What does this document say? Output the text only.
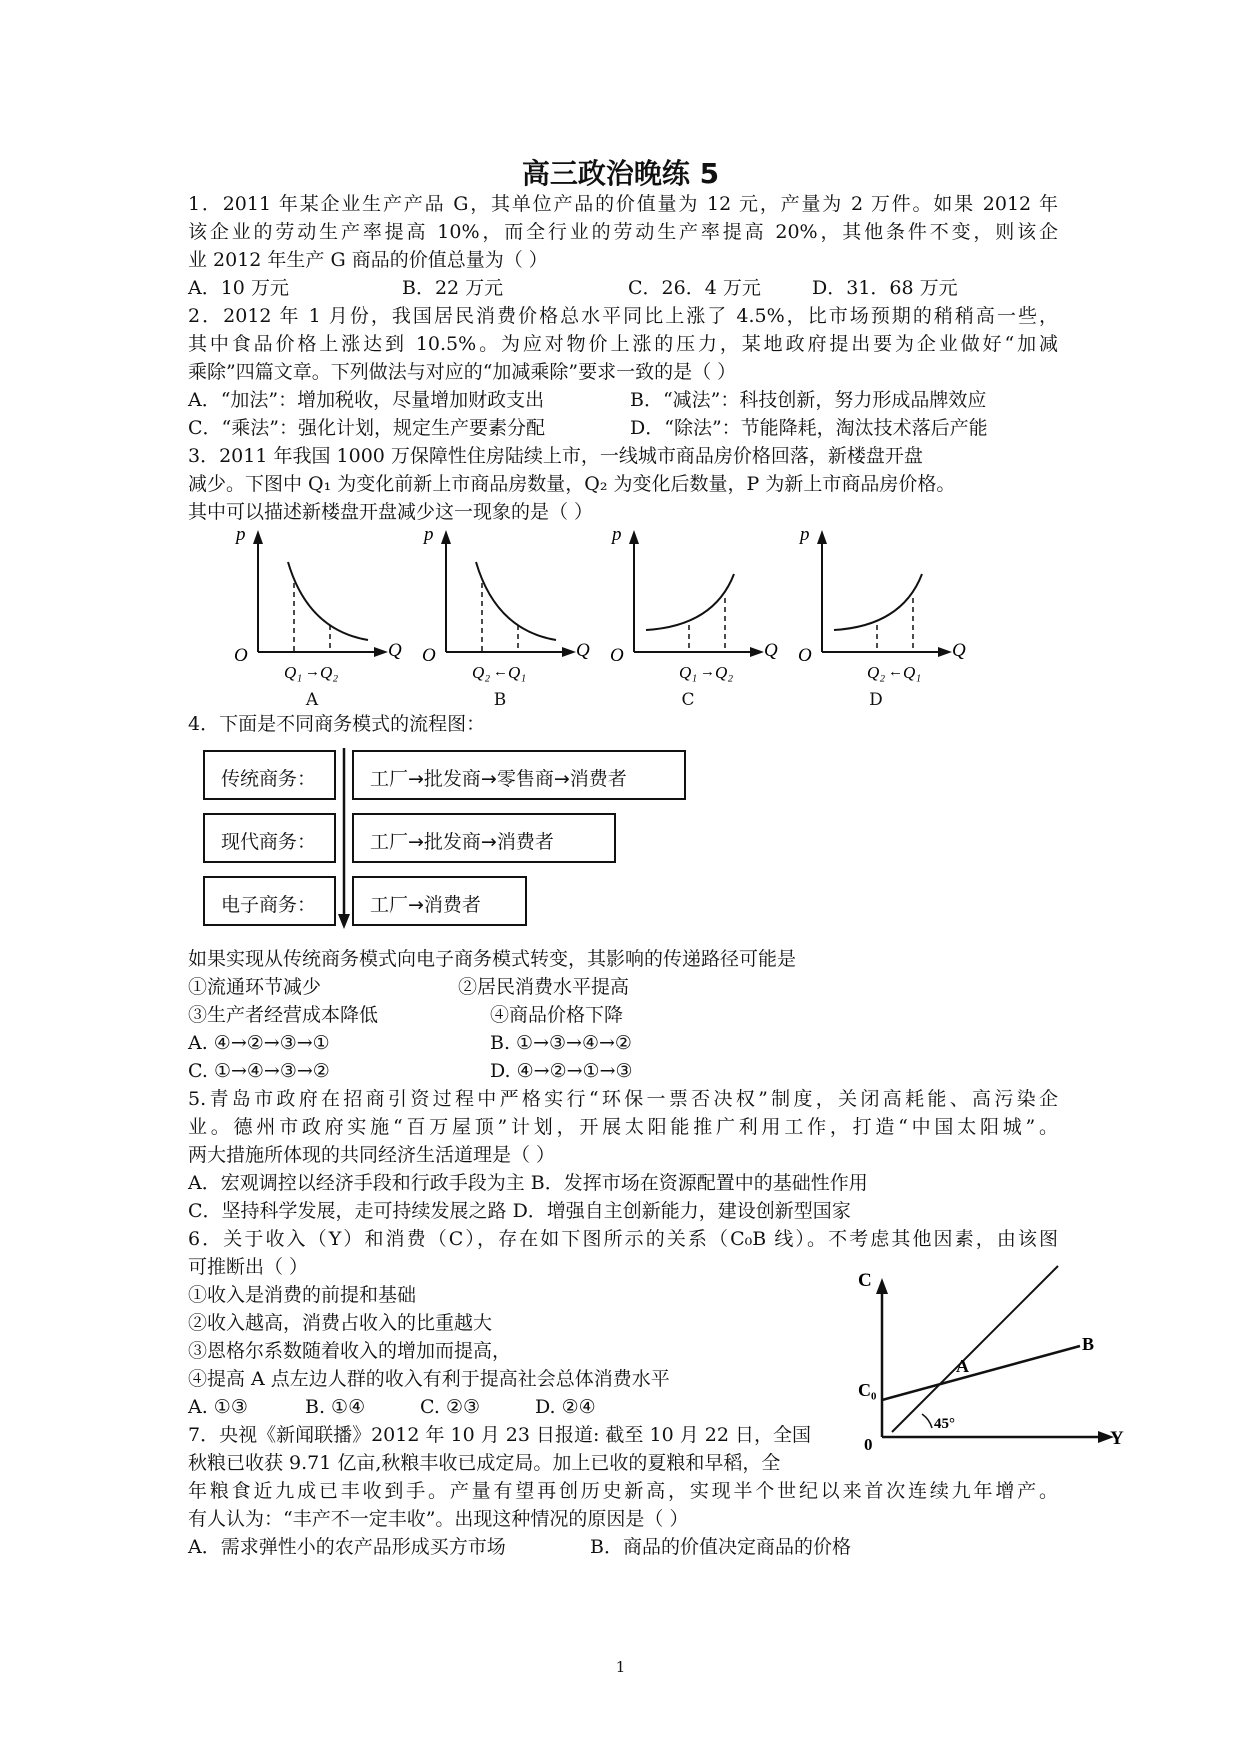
高三政治晚练 5
1．2011 年某企业生产产品 G，其单位产品的价值量为 12 元，产量为 2 万件。如果 2012 年
该企业的劳动生产率提高 10%，而全行业的劳动生产率提高 20%，其他条件不变，则该企
业 2012 年生产 G 商品的价值总量为（ ）
A．10 万元	B．22 万元	C．26．4 万元	D．31．68 万元
2．2012 年 1 月份，我国居民消费价格总水平同比上涨了 4.5%，比市场预期的稍稍高一些，
其中食品价格上涨达到 10.5%。为应对物价上涨的压力，某地政府提出要为企业做好“加减
乘除”四篇文章。下列做法与对应的“加减乘除”要求一致的是（ ）
A．“加法”：增加税收，尽量增加财政支出	B．“减法”：科技创新，努力形成品牌效应
C．“乘法”：强化计划，规定生产要素分配	D．“除法”：节能降耗，淘汰技术落后产能
3．2011 年我国 1000 万保障性住房陆续上市，一线城市商品房价格回落，新楼盘开盘
减少。下图中 Q₁ 为变化前新上市商品房数量，Q₂ 为变化后数量，P 为新上市商品房价格。
其中可以描述新楼盘开盘减少这一现象的是（ ）
p
Q
O
Q₁ → Q₂
A
p
Q
O
Q₂ ← Q₁
B
p
Q
O
Q₁ → Q₂
C
p
Q
O
Q₂ ← Q₁
D
4．下面是不同商务模式的流程图：
传统商务：	工厂→批发商→零售商→消费者
现代商务：	工厂→批发商→消费者
电子商务：	工厂→消费者
如果实现从传统商务模式向电子商务模式转变，其影响的传递路径可能是
①流通环节减少	②居民消费水平提高
③生产者经营成本降低	④商品价格下降
A. ④→②→③→①	B. ①→③→④→②
C. ①→④→③→②	D. ④→②→①→③
5.青岛市政府在招商引资过程中严格实行“环保一票否决权”制度，关闭高耗能、高污染企
业。德州市政府实施“百万屋顶”计划，开展太阳能推广利用工作，打造“中国太阳城”。
两大措施所体现的共同经济生活道理是（ ）
A．宏观调控以经济手段和行政手段为主 B．发挥市场在资源配置中的基础性作用
C．坚持科学发展，走可持续发展之路 D．增强自主创新能力，建设创新型国家
6．关于收入（Y）和消费（C），存在如下图所示的关系（C₀B 线）。不考虑其他因素，由该图
可推断出（ ）
①收入是消费的前提和基础
②收入越高，消费占收入的比重越大
③恩格尔系数随着收入的增加而提高，
④提高 A 点左边人群的收入有利于提高社会总体消费水平
A. ①③	B. ①④	C. ②③	D. ②④
C
Y
0
C₀
A
B
45°
7．央视《新闻联播》2012 年 10 月 23 日报道: 截至 10 月 22 日，全国
秋粮已收获 9.71 亿亩,秋粮丰收已成定局。加上已收的夏粮和早稻，全
年粮食近九成已丰收到手。产量有望再创历史新高，实现半个世纪以来首次连续九年增产。
有人认为：“丰产不一定丰收”。出现这种情况的原因是（ ）
A．需求弹性小的农产品形成买方市场	B．商品的价值决定商品的价格
1
